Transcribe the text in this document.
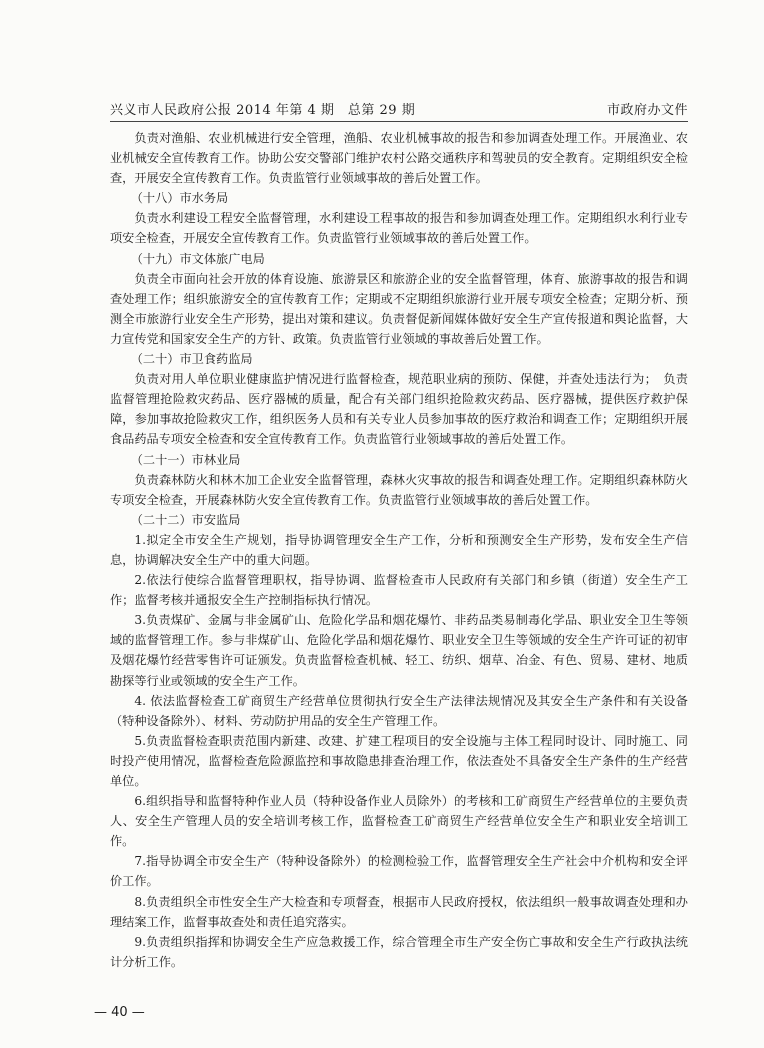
兴义市人民政府公报 2014 年第 4 期　总第 29 期	市政府办文件

负责对渔船、农业机械进行安全管理，渔船、农业机械事故的报告和参加调查处理工作。开展渔业、农业机械安全宣传教育工作。协助公安交警部门维护农村公路交通秩序和驾驶员的安全教育。定期组织安全检查，开展安全宣传教育工作。负责监管行业领域事故的善后处置工作。

（十八）市水务局

负责水利建设工程安全监督管理，水利建设工程事故的报告和参加调查处理工作。定期组织水利行业专项安全检查，开展安全宣传教育工作。负责监管行业领域事故的善后处置工作。

（十九）市文体旅广电局

负责全市面向社会开放的体育设施、旅游景区和旅游企业的安全监督管理，体育、旅游事故的报告和调查处理工作；组织旅游安全的宣传教育工作；定期或不定期组织旅游行业开展专项安全检查；定期分析、预测全市旅游行业安全生产形势，提出对策和建议。负责督促新闻媒体做好安全生产宣传报道和舆论监督，大力宣传党和国家安全生产的方针、政策。负责监管行业领域的事故善后处置工作。

（二十）市卫食药监局

负责对用人单位职业健康监护情况进行监督检查，规范职业病的预防、保健，并查处违法行为；　负责监督管理抢险救灾药品、医疗器械的质量，配合有关部门组织抢险救灾药品、医疗器械，提供医疗救护保障，参加事故抢险救灾工作，组织医务人员和有关专业人员参加事故的医疗救治和调查工作；定期组织开展食品药品专项安全检查和安全宣传教育工作。负责监管行业领域事故的善后处置工作。

（二十一）市林业局

负责森林防火和林木加工企业安全监督管理，森林火灾事故的报告和调查处理工作。定期组织森林防火专项安全检查，开展森林防火安全宣传教育工作。负责监管行业领域事故的善后处置工作。

（二十二）市安监局

1.拟定全市安全生产规划，指导协调管理安全生产工作，分析和预测安全生产形势，发布安全生产信息，协调解决安全生产中的重大问题。

2.依法行使综合监督管理职权，指导协调、监督检查市人民政府有关部门和乡镇（街道）安全生产工作；监督考核并通报安全生产控制指标执行情况。

3.负责煤矿、金属与非金属矿山、危险化学品和烟花爆竹、非药品类易制毒化学品、职业安全卫生等领域的监督管理工作。参与非煤矿山、危险化学品和烟花爆竹、职业安全卫生等领域的安全生产许可证的初审及烟花爆竹经营零售许可证颁发。负责监督检查机械、轻工、纺织、烟草、冶金、有色、贸易、建材、地质勘探等行业或领域的安全生产工作。

4. 依法监督检查工矿商贸生产经营单位贯彻执行安全生产法律法规情况及其安全生产条件和有关设备（特种设备除外）、材料、劳动防护用品的安全生产管理工作。

5.负责监督检查职责范围内新建、改建、扩建工程项目的安全设施与主体工程同时设计、同时施工、同时投产使用情况，监督检查危险源监控和事故隐患排查治理工作，依法查处不具备安全生产条件的生产经营单位。

6.组织指导和监督特种作业人员（特种设备作业人员除外）的考核和工矿商贸生产经营单位的主要负责人、安全生产管理人员的安全培训考核工作，监督检查工矿商贸生产经营单位安全生产和职业安全培训工作。

7.指导协调全市安全生产（特种设备除外）的检测检验工作，监督管理安全生产社会中介机构和安全评价工作。

8.负责组织全市性安全生产大检查和专项督查，根据市人民政府授权，依法组织一般事故调查处理和办理结案工作，监督事故查处和责任追究落实。

9.负责组织指挥和协调安全生产应急救援工作，综合管理全市生产安全伤亡事故和安全生产行政执法统计分析工作。

— 40 —
